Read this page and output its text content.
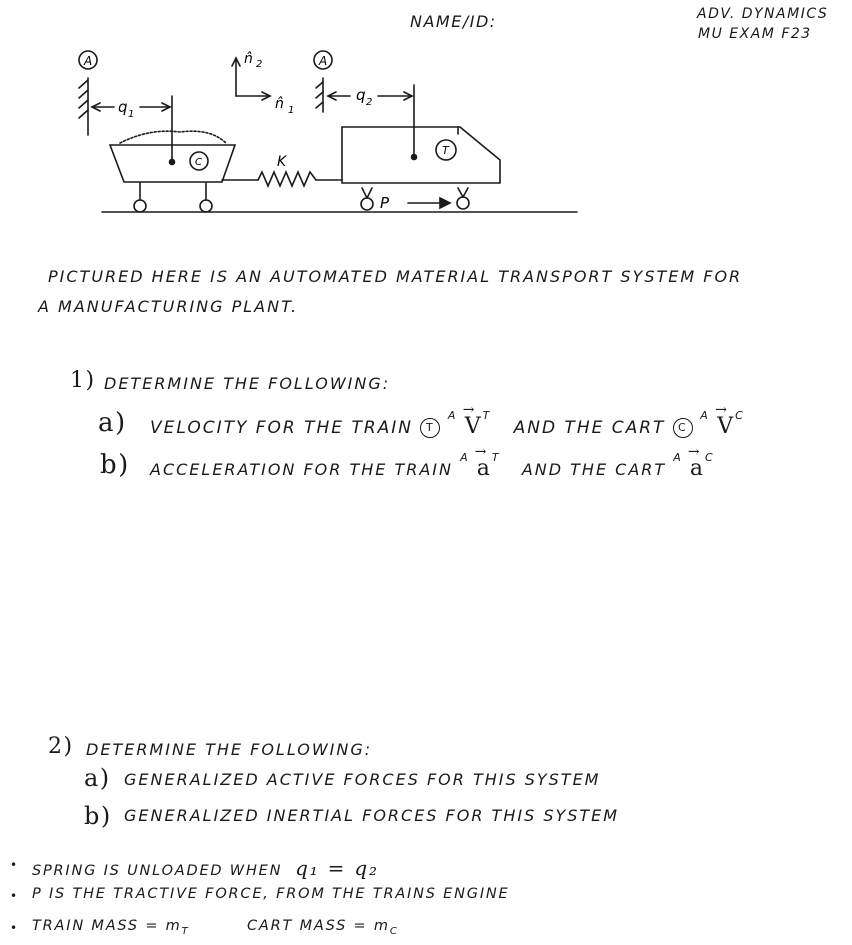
NAME/ID:	ADV. DYNAMICS
MU EXAM F23
A	A
n̂ 2
n̂ 1
q 1
q 2
C
T
K
P
PICTURED HERE IS AN AUTOMATED MATERIAL TRANSPORT SYSTEM FOR
A MANUFACTURING PLANT.
1) DETERMINE THE FOLLOWING:
a) VELOCITY FOR THE TRAIN T $^A$ →
$V^T$   AND THE CART C $^A$ →
$V^C$
b) ACCELERATION FOR THE TRAIN $^A$ →
$a^T$   AND THE CART $^A$ →
$a^C$
2) DETERMINE THE FOLLOWING:
a) GENERALIZED ACTIVE FORCES FOR THIS SYSTEM
b) GENERALIZED INERTIAL FORCES FOR THIS SYSTEM
• SPRING IS UNLOADED WHEN q₁ = q₂
• P IS THE TRACTIVE FORCE, FROM THE TRAINS ENGINE
• TRAIN MASS = $m_T$	CART MASS = $m_C$
